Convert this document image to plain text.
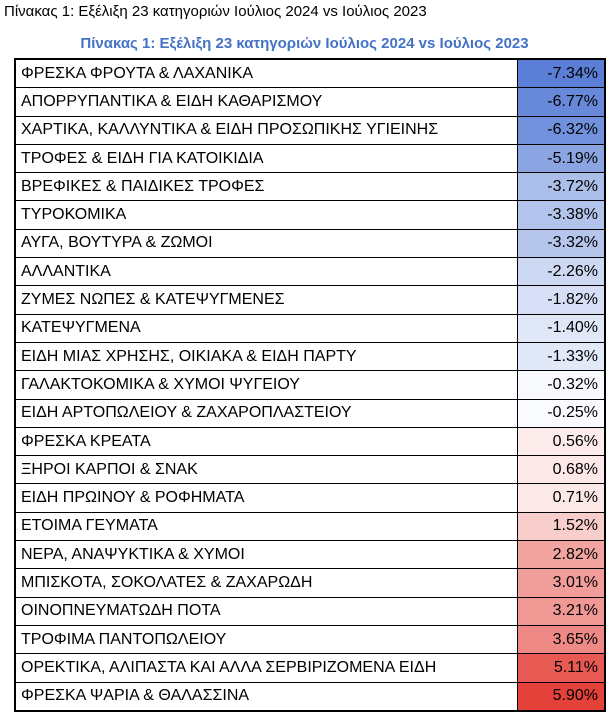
Πίνακας 1: Εξέλιξη 23 κατηγοριών Ιούλιος 2024 vs Ιούλιος 2023
Πίνακας 1: Εξέλιξη 23 κατηγοριών Ιούλιος 2024 vs Ιούλιος 2023
ΦΡΕΣΚΑ ΦΡΟΥΤΑ & ΛΑΧΑΝΙΚΑ	-7.34%
ΑΠΟΡΡΥΠΑΝΤΙΚΑ & ΕΙΔΗ ΚΑΘΑΡΙΣΜΟΥ	-6.77%
ΧΑΡΤΙΚΑ, ΚΑΛΛΥΝΤΙΚΑ & ΕΙΔΗ ΠΡΟΣΩΠΙΚΗΣ ΥΓΙΕΙΝΗΣ	-6.32%
ΤΡΟΦΕΣ & ΕΙΔΗ ΓΙΑ ΚΑΤΟΙΚΙΔΙΑ	-5.19%
ΒΡΕΦΙΚΕΣ & ΠΑΙΔΙΚΕΣ ΤΡΟΦΕΣ	-3.72%
ΤΥΡΟΚΟΜΙΚΑ	-3.38%
ΑΥΓΑ, ΒΟΥΤΥΡΑ & ΖΩΜΟΙ	-3.32%
ΑΛΛΑΝΤΙΚΑ	-2.26%
ΖΥΜΕΣ ΝΩΠΕΣ & ΚΑΤΕΨΥΓΜΕΝΕΣ	-1.82%
ΚΑΤΕΨΥΓΜΕΝΑ	-1.40%
ΕΙΔΗ ΜΙΑΣ ΧΡΗΣΗΣ, ΟΙΚΙΑΚΑ & ΕΙΔΗ ΠΑΡΤΥ	-1.33%
ΓΑΛΑΚΤΟΚΟΜΙΚΑ & ΧΥΜΟΙ ΨΥΓΕΙΟΥ	-0.32%
ΕΙΔΗ ΑΡΤΟΠΩΛΕΙΟΥ & ΖΑΧΑΡΟΠΛΑΣΤΕΙΟΥ	-0.25%
ΦΡΕΣΚΑ ΚΡΕΑΤΑ	0.56%
ΞΗΡΟΙ ΚΑΡΠΟΙ & ΣΝΑΚ	0.68%
ΕΙΔΗ ΠΡΩΙΝΟΥ & ΡΟΦΗΜΑΤΑ	0.71%
ΕΤΟΙΜΑ ΓΕΥΜΑΤΑ	1.52%
ΝΕΡΑ, ΑΝΑΨΥΚΤΙΚΑ & ΧΥΜΟΙ	2.82%
ΜΠΙΣΚΟΤΑ, ΣΟΚΟΛΑΤΕΣ & ΖΑΧΑΡΩΔΗ	3.01%
ΟΙΝΟΠΝΕΥΜΑΤΩΔΗ ΠΟΤΑ	3.21%
ΤΡΟΦΙΜΑ ΠΑΝΤΟΠΩΛΕΙΟΥ	3.65%
ΟΡΕΚΤΙΚΑ, ΑΛΙΠΑΣΤΑ ΚΑΙ ΑΛΛΑ ΣΕΡΒΙΡΙΖΟΜΕΝΑ ΕΙΔΗ	5.11%
ΦΡΕΣΚΑ ΨΑΡΙΑ & ΘΑΛΑΣΣΙΝΑ	5.90%
